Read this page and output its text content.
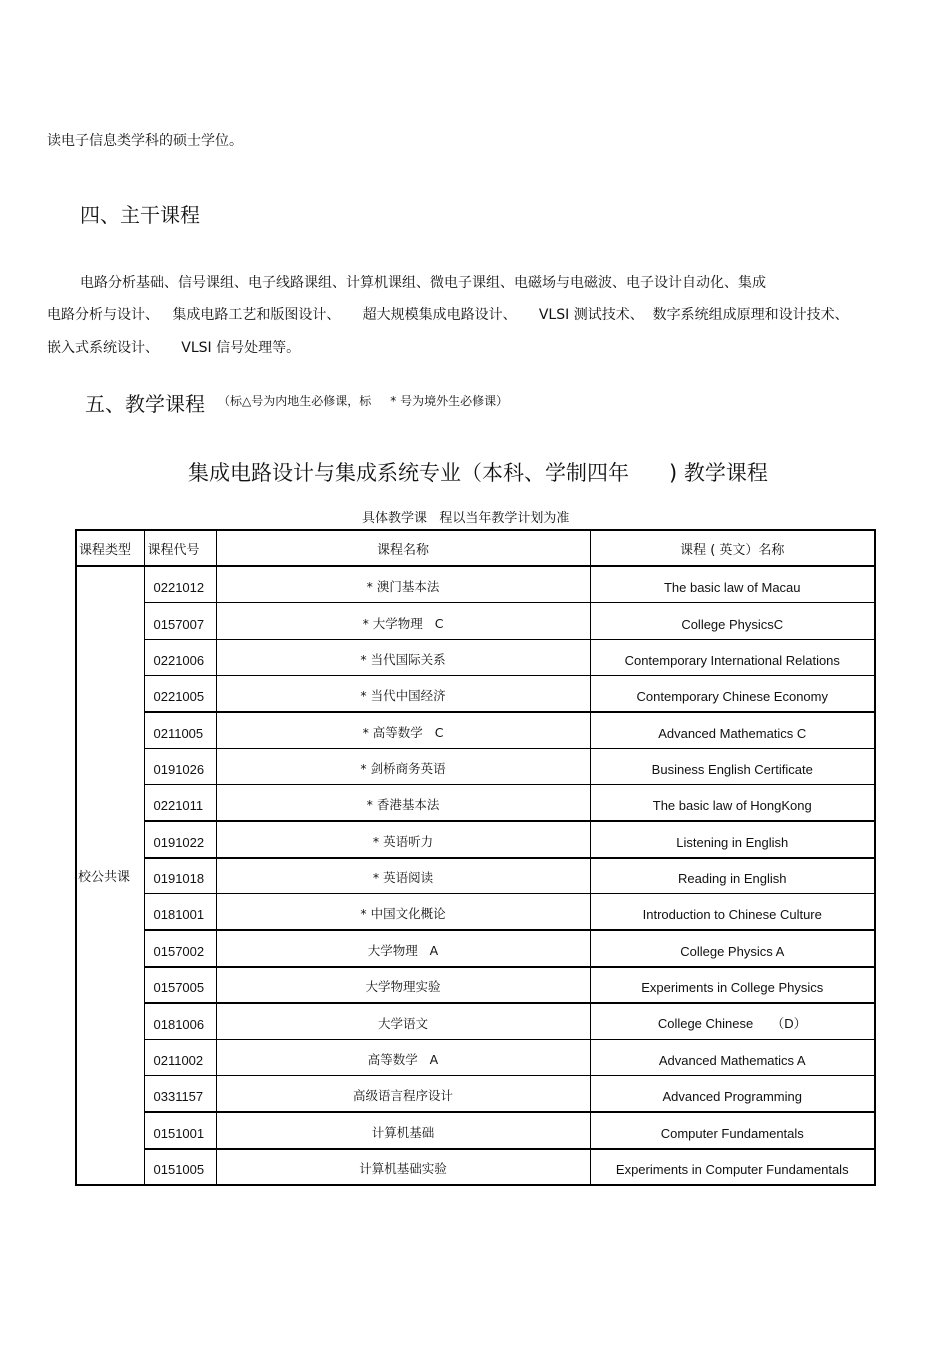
读电子信息类学科的硕士学位。
四、主干课程
电路分析基础、信号课组、电子线路课组、计算机课组、微电子课组、电磁场与电磁波、电子设计自动化、集成
电路分析与设计、   集成电路工艺和版图设计、     超大规模集成电路设计、     VLSI 测试技术、  数字系统组成原理和设计技术、
嵌入式系统设计、     VLSI 信号处理等。
五、教学课程 （标△号为内地生必修课，标     * 号为境外生必修课）
集成电路设计与集成系统专业（本科、学制四年      ) 教学课程
具体教学课   程以当年教学计划为准
课程类型	课程代号	课程名称	课程 ( 英文）名称
校公共课	0221012	* 澳门基本法	The basic law of Macau
	0157007	* 大学物理   C	College PhysicsC
	0221006	* 当代国际关系	Contemporary International Relations
	0221005	* 当代中国经济	Contemporary Chinese Economy
	0211005	* 高等数学   C	Advanced Mathematics C
	0191026	* 剑桥商务英语	Business English Certificate
	0221011	* 香港基本法	The basic law of HongKong
	0191022	* 英语听力	Listening in English
	0191018	* 英语阅读	Reading in English
	0181001	* 中国文化概论	Introduction to Chinese Culture
	0157002	大学物理   A	College Physics A
	0157005	大学物理实验	Experiments in College Physics
	0181006	大学语文	College Chinese     （D）
	0211002	高等数学   A	Advanced Mathematics A
	0331157	高级语言程序设计	Advanced Programming
	0151001	计算机基础	Computer Fundamentals
	0151005	计算机基础实验	Experiments in Computer Fundamentals
